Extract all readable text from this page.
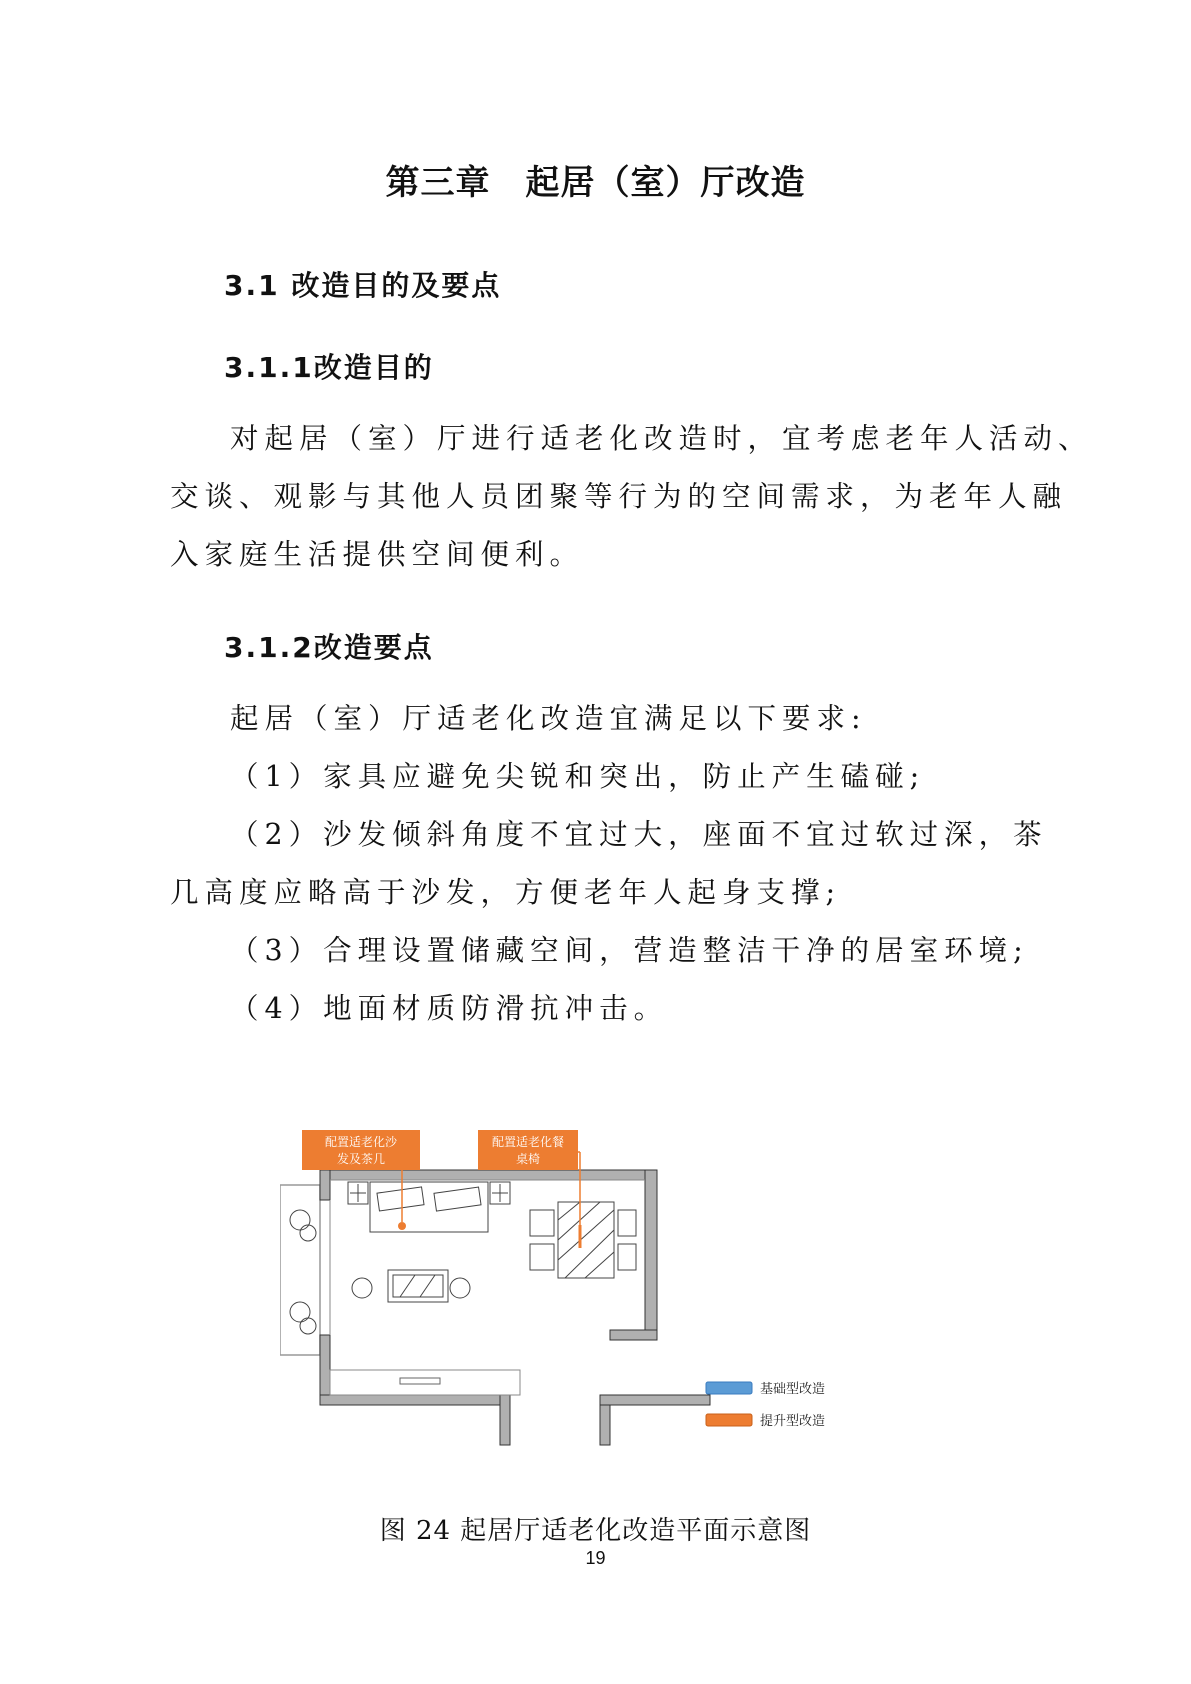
第三章　起居（室）厅改造
3.1 改造目的及要点
3.1.1改造目的
对起居（室）厅进行适老化改造时，宜考虑老年人活动、
交谈、观影与其他人员团聚等行为的空间需求，为老年人融
入家庭生活提供空间便利。
3.1.2改造要点
起居（室）厅适老化改造宜满足以下要求:
（1）家具应避免尖锐和突出，防止产生磕碰;
（2）沙发倾斜角度不宜过大，座面不宜过软过深，茶
几高度应略高于沙发，方便老年人起身支撑;
（3）合理设置储藏空间，营造整洁干净的居室环境;
（4）地面材质防滑抗冲击。
配置适老化沙
发及茶几
配置适老化餐
桌椅
基础型改造
提升型改造
图 24 起居厅适老化改造平面示意图
19
